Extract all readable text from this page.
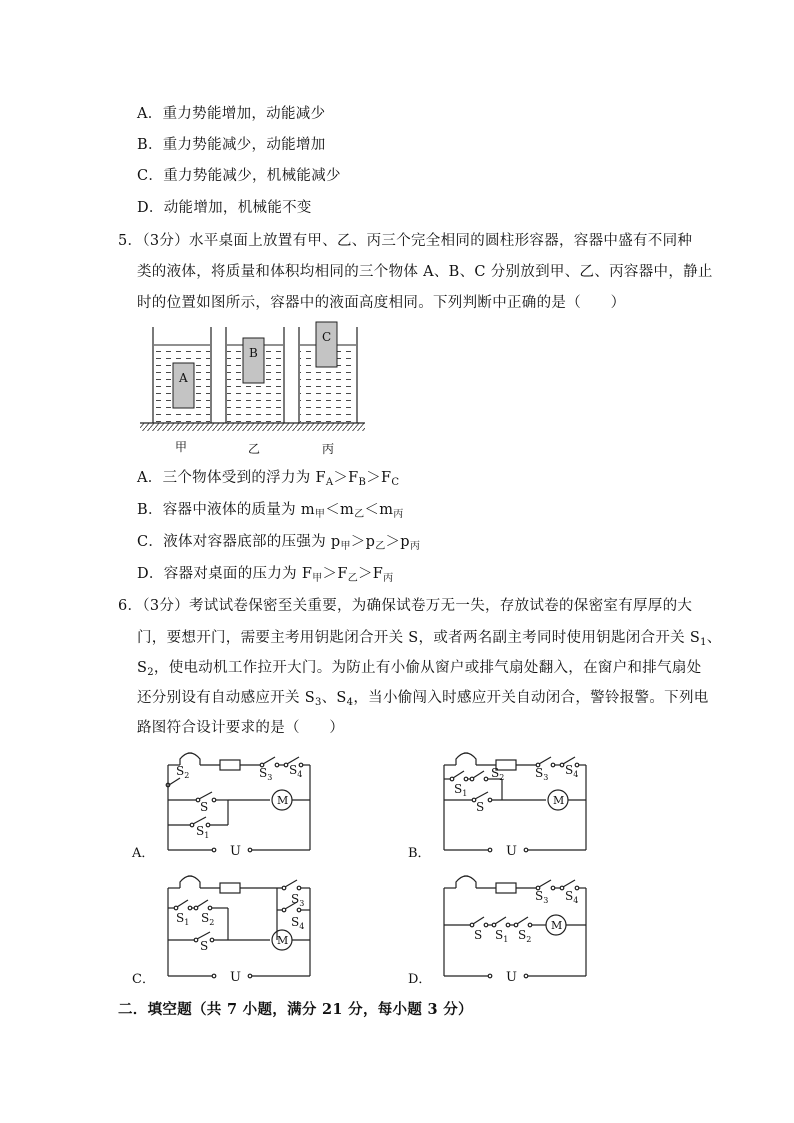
A．重力势能增加，动能减少
B．重力势能减少，动能增加
C．重力势能减少，机械能减少
D．动能增加，机械能不变
5．（3分）水平桌面上放置有甲、乙、丙三个完全相同的圆柱形容器，容器中盛有不同种
类的液体，将质量和体积均相同的三个物体 A、B、C 分别放到甲、乙、丙容器中，静止
时的位置如图所示，容器中的液面高度相同。下列判断中正确的是（　　）
A
B
C
甲	乙	丙
A．三个物体受到的浮力为 $F_A>F_B>F_C$
B．容器中液体的质量为 $m_甲<m_乙<m_丙$
C．液体对容器底部的压强为 $p_甲>p_乙>p_丙$
D．容器对桌面的压力为 $F_甲>F_乙>F_丙$
6．（3分）考试试卷保密至关重要，为确保试卷万无一失，存放试卷的保密室有厚厚的大
门，要想开门，需要主考用钥匙闭合开关 S，或者两名副主考同时使用钥匙闭合开关 $S_1$、
$S_2$，使电动机工作拉开大门。为防止有小偷从窗户或排气扇处翻入，在窗户和排气扇处
还分别设有自动感应开关 $S_3$、$S_4$，当小偷闯入时感应开关自动闭合，警铃报警。下列电
路图符合设计要求的是（　　）
A．	U
M
$S_2$	$S_3$
$S_4$
S
$S_1$
B．	U
M
$S_1$
$S_2$	$S_3$
$S_4$
S
C．	U
M
$S_1$ $S_2$
$S_3$
$S_4$
S
D．	U
M
$S_3$ $S_4$
S $S_1$ $S_2$
二．填空题（共 7 小题，满分 21 分，每小题 3 分）
